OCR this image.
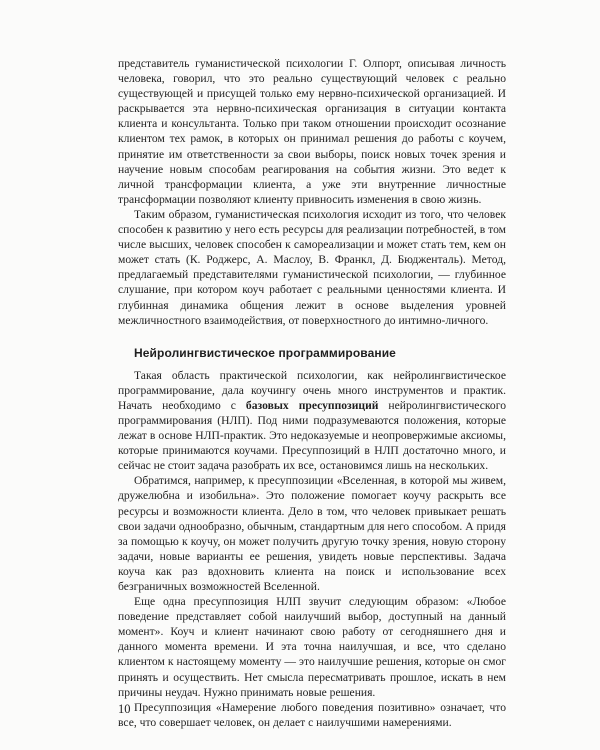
представитель гуманистической психологии Г. Олпорт, описывая личность человека, говорил, что это реально существующий человек с реально существующей и присущей только ему нервно-психической организацией. И раскрывается эта нервно-психическая организация в ситуации контакта клиента и консультанта. Только при таком отношении происходит осознание клиентом тех рамок, в которых он принимал решения до работы с коучем, принятие им ответственности за свои выборы, поиск новых точек зрения и научение новым способам реагирования на события жизни. Это ведет к личной трансформации клиента, а уже эти внутренние личностные трансформации позволяют клиенту привносить изменения в свою жизнь.

Таким образом, гуманистическая психология исходит из того, что человек способен к развитию у него есть ресурсы для реализации потребностей, в том числе высших, человек способен к самореализации и может стать тем, кем он может стать (К. Роджерс, А. Маслоу, В. Франкл, Д. Бюдженталь). Метод, предлагаемый представителями гуманистической психологии, — глубинное слушание, при котором коуч работает с реальными ценностями клиента. И глубинная динамика общения лежит в основе выделения уровней межличностного взаимодействия, от поверхностного до интимно-личного.

Нейролингвистическое программирование

Такая область практической психологии, как нейролингвистическое программирование, дала коучингу очень много инструментов и практик. Начать необходимо с базовых пресуппозиций нейролингвистического программирования (НЛП). Под ними подразумеваются положения, которые лежат в основе НЛП-практик. Это недоказуемые и неопровержимые аксиомы, которые принимаются коучами. Пресуппозиций в НЛП достаточно много, и сейчас не стоит задача разобрать их все, остановимся лишь на нескольких.

Обратимся, например, к пресуппозиции «Вселенная, в которой мы живем, дружелюбна и изобильна». Это положение помогает коучу раскрыть все ресурсы и возможности клиента. Дело в том, что человек привыкает решать свои задачи однообразно, обычным, стандартным для него способом. А придя за помощью к коучу, он может получить другую точку зрения, новую сторону задачи, новые варианты ее решения, увидеть новые перспективы. Задача коуча как раз вдохновить клиента на поиск и использование всех безграничных возможностей Вселенной.

Еще одна пресуппозиция НЛП звучит следующим образом: «Любое поведение представляет собой наилучший выбор, доступный на данный момент». Коуч и клиент начинают свою работу от сегодняшнего дня и данного момента времени. И эта точна наилучшая, и все, что сделано клиентом к настоящему моменту — это наилучшие решения, которые он смог принять и осуществить. Нет смысла пересматривать прошлое, искать в нем причины неудач. Нужно принимать новые решения.

Пресуппозиция «Намерение любого поведения позитивно» означает, что все, что совершает человек, он делает с наилучшими намерениями.

10
